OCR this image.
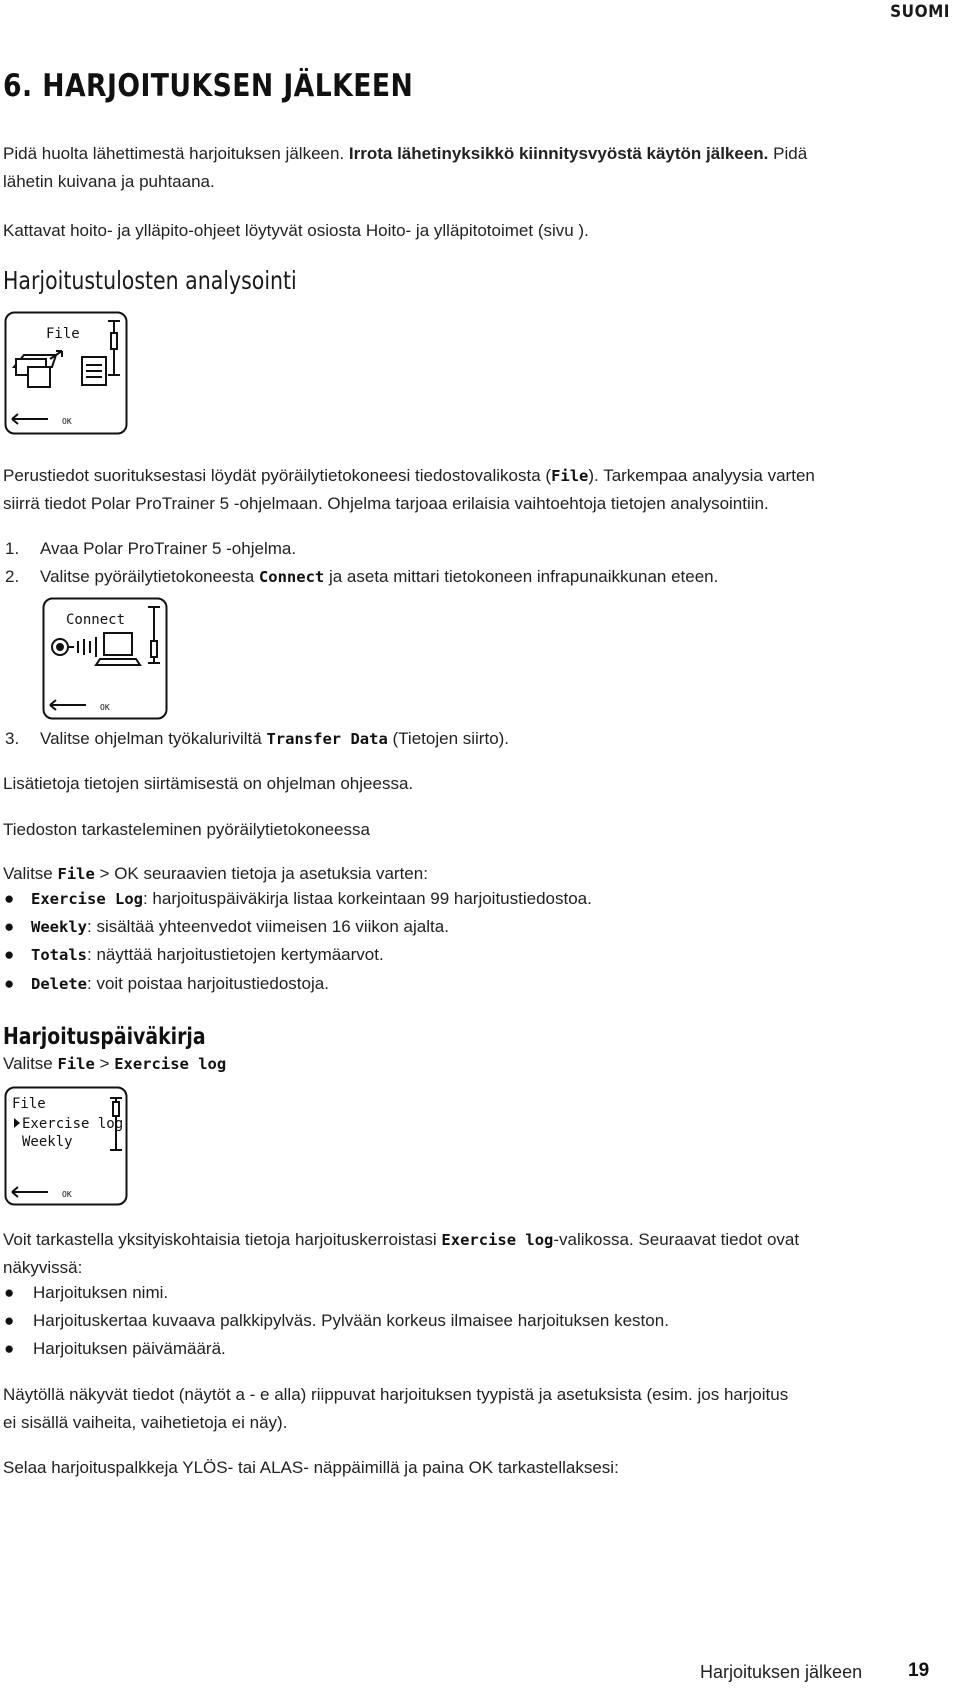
SUOMI
6. HARJOITUKSEN JÄLKEEN
Pidä huolta lähettimestä harjoituksen jälkeen. Irrota lähetinyksikkö kiinnitysvyöstä käytön jälkeen. Pidä
lähetin kuivana ja puhtaana.
Kattavat hoito- ja ylläpito-ohjeet löytyvät osiosta Hoito- ja ylläpitotoimet (sivu ).
Harjoitustulosten analysointi
File
OK
Perustiedot suorituksestasi löydät pyöräilytietokoneesi tiedostovalikosta (File). Tarkempaa analyysia varten
siirrä tiedot Polar ProTrainer 5 -ohjelmaan. Ohjelma tarjoaa erilaisia vaihtoehtoja tietojen analysointiin.
1. Avaa Polar ProTrainer 5 -ohjelma.
2. Valitse pyöräilytietokoneesta Connect ja aseta mittari tietokoneen infrapunaikkunan eteen.
Connect
OK
3. Valitse ohjelman työkaluriviltä Transfer Data (Tietojen siirto).
Lisätietoja tietojen siirtämisestä on ohjelman ohjeessa.
Tiedoston tarkasteleminen pyöräilytietokoneessa
Valitse File > OK seuraavien tietoja ja asetuksia varten:
● Exercise Log: harjoituspäiväkirja listaa korkeintaan 99 harjoitustiedostoa.
● Weekly: sisältää yhteenvedot viimeisen 16 viikon ajalta.
● Totals: näyttää harjoitustietojen kertymäarvot.
● Delete: voit poistaa harjoitustiedostoja.
Harjoituspäiväkirja
Valitse File > Exercise log
File
Exercise log
Weekly
OK
Voit tarkastella yksityiskohtaisia tietoja harjoituskerroistasi Exercise log-valikossa. Seuraavat tiedot ovat
näkyvissä:
● Harjoituksen nimi.
● Harjoituskertaa kuvaava palkkipylväs. Pylvään korkeus ilmaisee harjoituksen keston.
● Harjoituksen päivämäärä.
Näytöllä näkyvät tiedot (näytöt a - e alla) riippuvat harjoituksen tyypistä ja asetuksista (esim. jos harjoitus
ei sisällä vaiheita, vaihetietoja ei näy).
Selaa harjoituspalkkeja YLÖS- tai ALAS- näppäimillä ja paina OK tarkastellaksesi:
Harjoituksen jälkeen 19
